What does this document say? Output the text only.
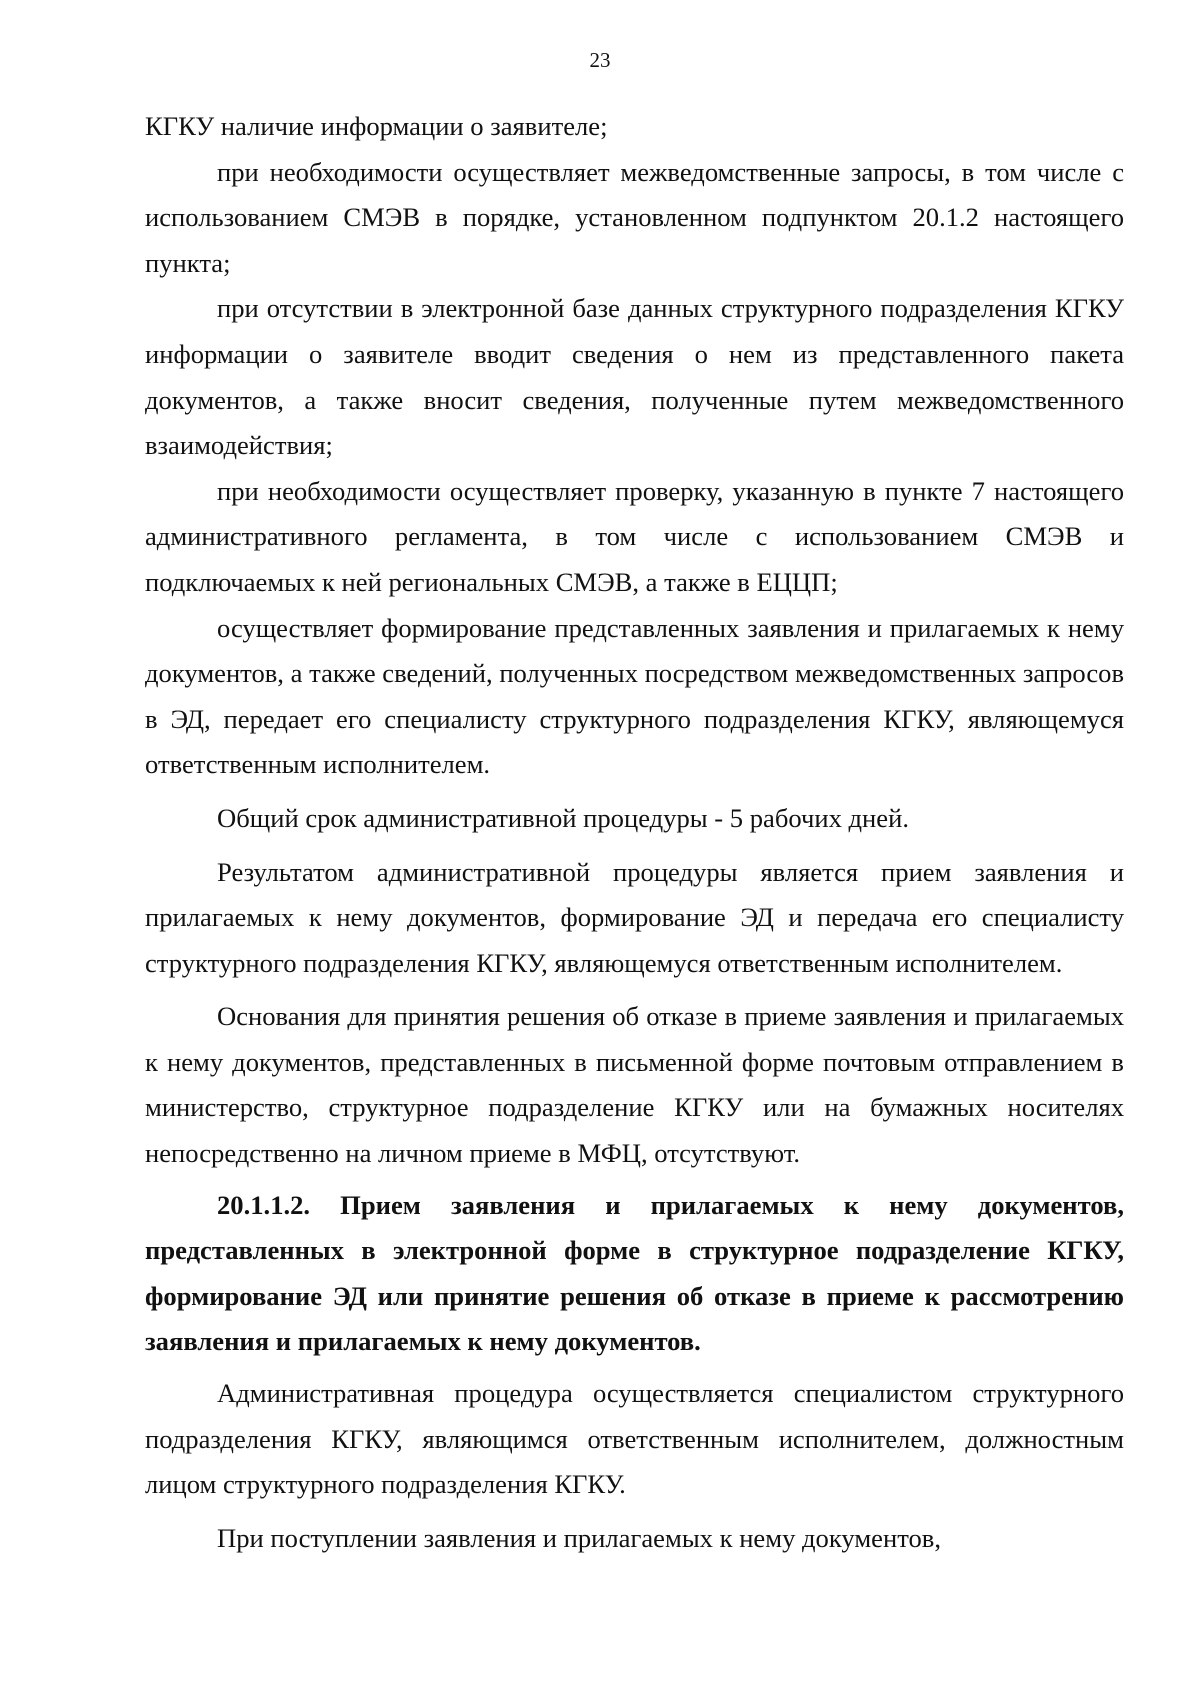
23

КГКУ наличие информации о заявителе;

при необходимости осуществляет межведомственные запросы, в том числе с использованием СМЭВ в порядке, установленном подпунктом 20.1.2 настоящего пункта;

при отсутствии в электронной базе данных структурного подразделения КГКУ информации о заявителе вводит сведения о нем из представленного пакета документов, а также вносит сведения, полученные путем межведомственного взаимодействия;

при необходимости осуществляет проверку, указанную в пункте 7 настоящего административного регламента, в том числе с использованием СМЭВ и подключаемых к ней региональных СМЭВ, а также в ЕЦЦП;

осуществляет формирование представленных заявления и прилагаемых к нему документов, а также сведений, полученных посредством межведомственных запросов в ЭД, передает его специалисту структурного подразделения КГКУ, являющемуся ответственным исполнителем.

Общий срок административной процедуры - 5 рабочих дней.

Результатом административной процедуры является прием заявления и прилагаемых к нему документов, формирование ЭД и передача его специалисту структурного подразделения КГКУ, являющемуся ответственным исполнителем.

Основания для принятия решения об отказе в приеме заявления и прилагаемых к нему документов, представленных в письменной форме почтовым отправлением в министерство, структурное подразделение КГКУ или на бумажных носителях непосредственно на личном приеме в МФЦ, отсутствуют.

20.1.1.2. Прием заявления и прилагаемых к нему документов, представленных в электронной форме в структурное подразделение КГКУ, формирование ЭД или принятие решения об отказе в приеме к рассмотрению заявления и прилагаемых к нему документов.

Административная процедура осуществляется специалистом структурного подразделения КГКУ, являющимся ответственным исполнителем, должностным лицом структурного подразделения КГКУ.

При поступлении заявления и прилагаемых к нему документов,
